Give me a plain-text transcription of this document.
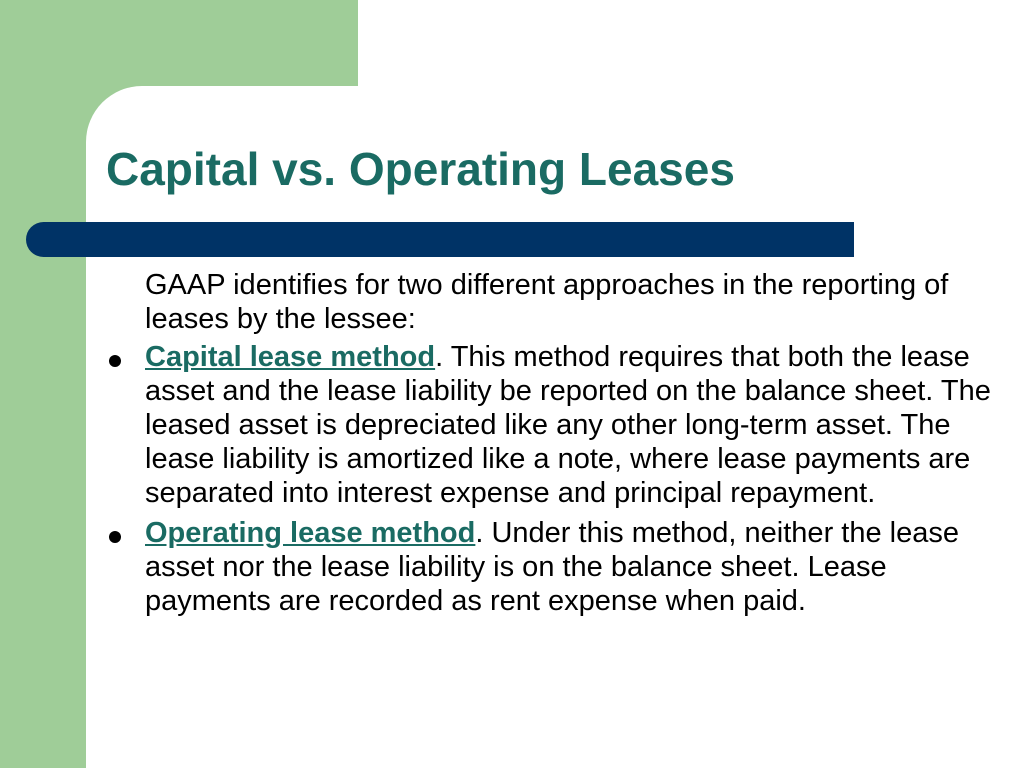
Capital vs. Operating Leases

GAAP identifies for two different approaches in the reporting of leases by the lessee:

Capital lease method. This method requires that both the lease asset and the lease liability be reported on the balance sheet. The leased asset is depreciated like any other long-term asset. The lease liability is amortized like a note, where lease payments are separated into interest expense and principal repayment.
Operating lease method. Under this method, neither the lease asset nor the lease liability is on the balance sheet. Lease payments are recorded as rent expense when paid.
